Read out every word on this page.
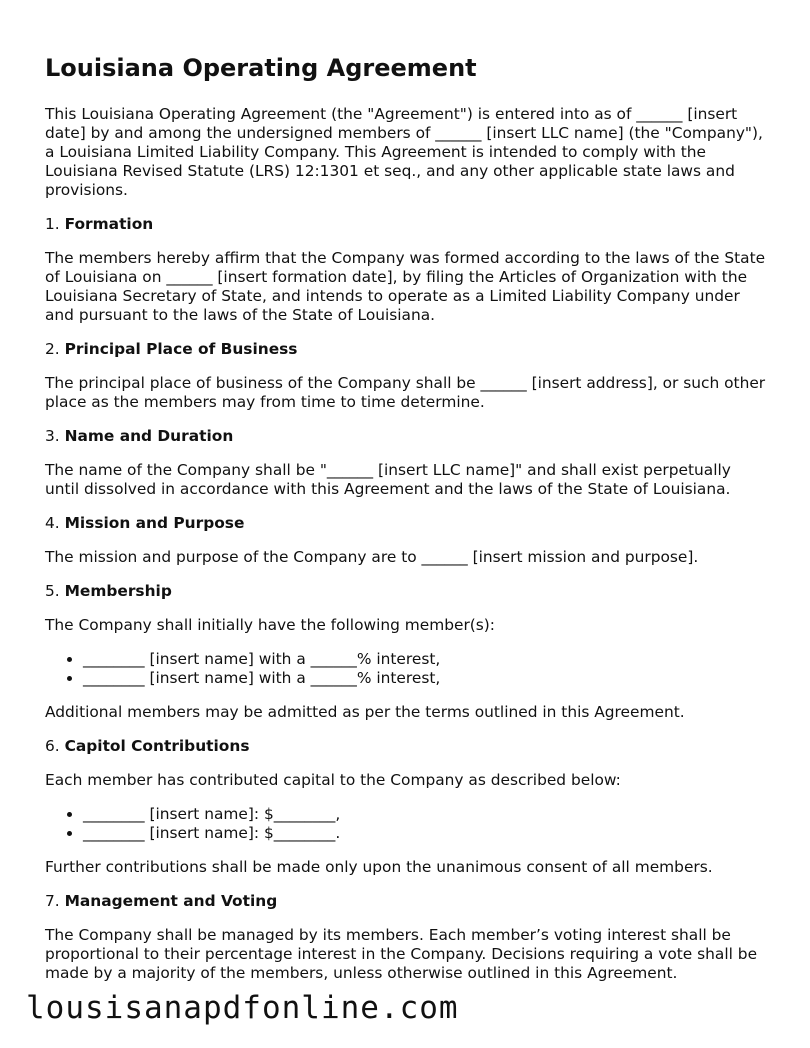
Louisiana Operating Agreement

This Louisiana Operating Agreement (the "Agreement") is entered into as of ______ [insert date] by and among the undersigned members of ______ [insert LLC name] (the "Company"), a Louisiana Limited Liability Company. This Agreement is intended to comply with the Louisiana Revised Statute (LRS) 12:1301 et seq., and any other applicable state laws and provisions.

1. Formation

The members hereby affirm that the Company was formed according to the laws of the State of Louisiana on ______ [insert formation date], by filing the Articles of Organization with the Louisiana Secretary of State, and intends to operate as a Limited Liability Company under and pursuant to the laws of the State of Louisiana.

2. Principal Place of Business

The principal place of business of the Company shall be ______ [insert address], or such other place as the members may from time to time determine.

3. Name and Duration

The name of the Company shall be "______ [insert LLC name]" and shall exist perpetually until dissolved in accordance with this Agreement and the laws of the State of Louisiana.

4. Mission and Purpose

The mission and purpose of the Company are to ______ [insert mission and purpose].

5. Membership

The Company shall initially have the following member(s):

• ________ [insert name] with a ______% interest,
• ________ [insert name] with a ______% interest,

Additional members may be admitted as per the terms outlined in this Agreement.

6. Capitol Contributions

Each member has contributed capital to the Company as described below:

• ________ [insert name]: $________,
• ________ [insert name]: $________.

Further contributions shall be made only upon the unanimous consent of all members.

7. Management and Voting

The Company shall be managed by its members. Each member’s voting interest shall be proportional to their percentage interest in the Company. Decisions requiring a vote shall be made by a majority of the members, unless otherwise outlined in this Agreement.

lousisanapdfonline.com
